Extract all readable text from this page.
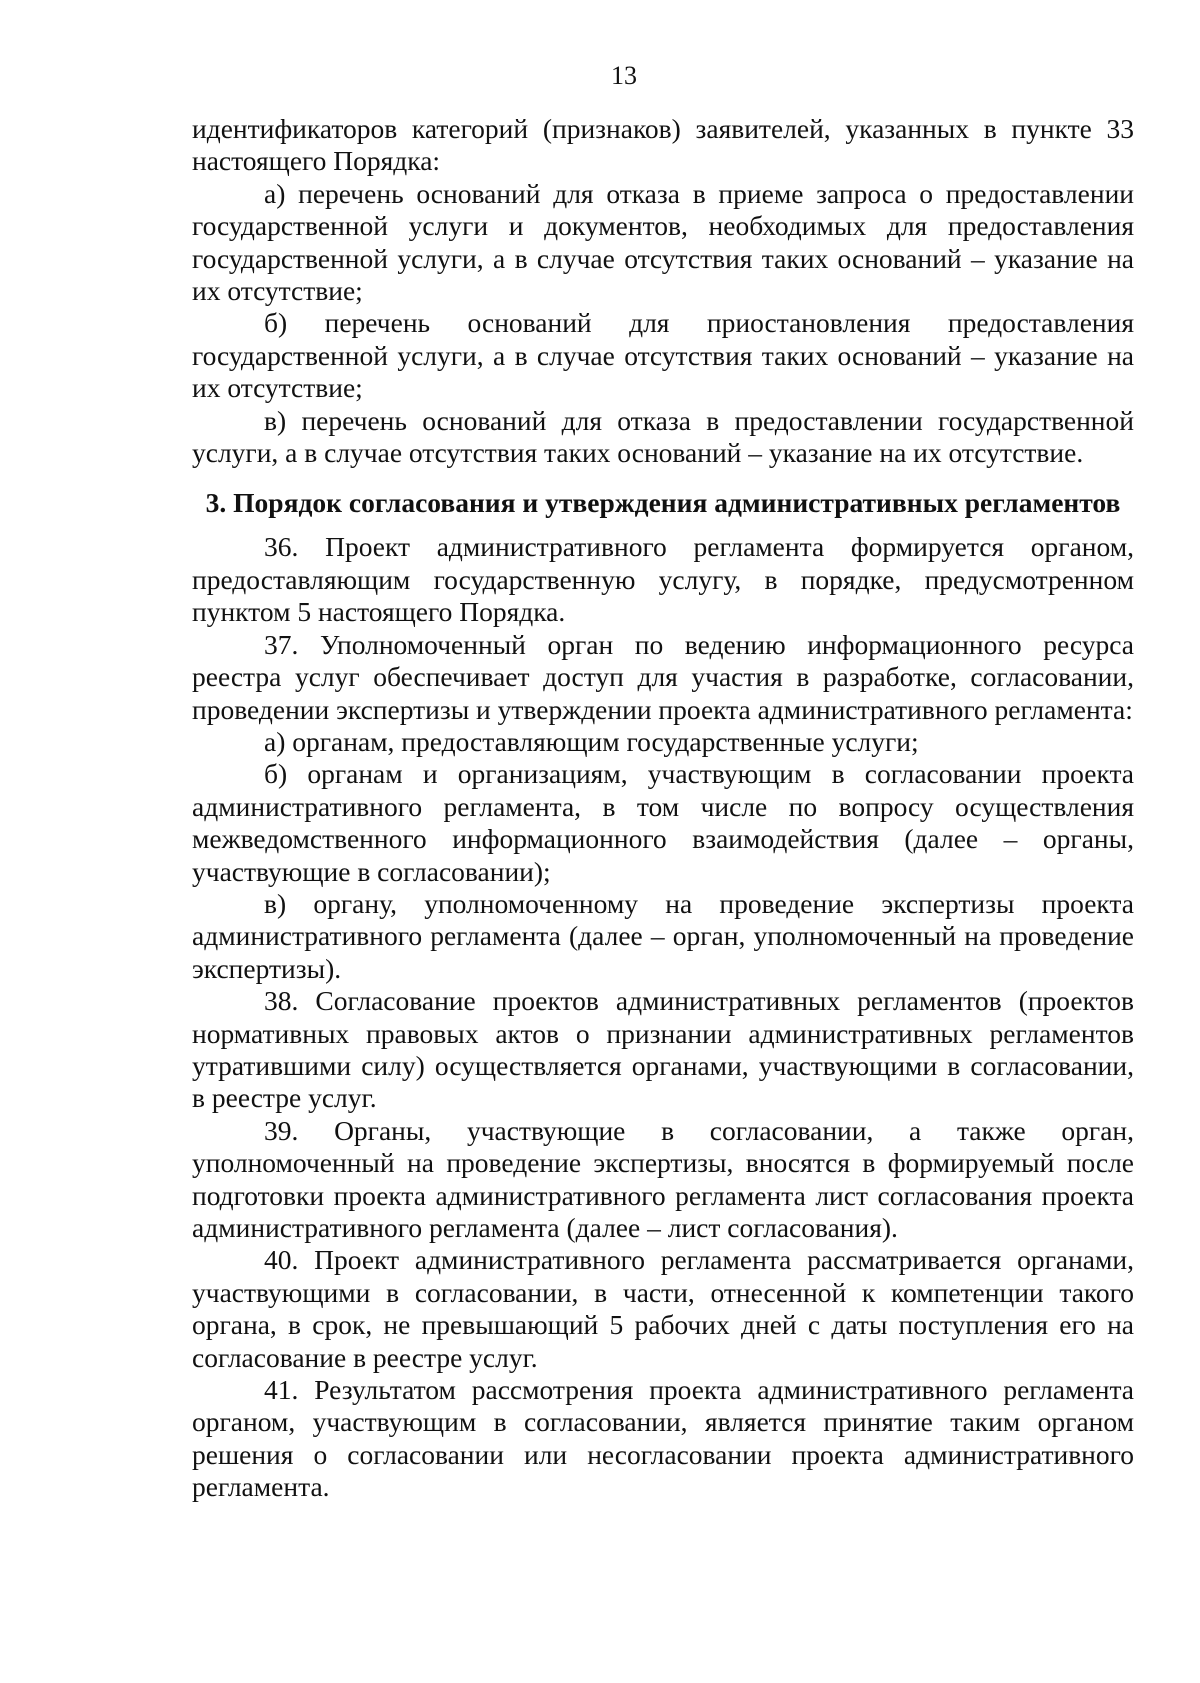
13

идентификаторов категорий (признаков) заявителей, указанных в пункте 33 настоящего Порядка:

а) перечень оснований для отказа в приеме запроса о предоставлении государственной услуги и документов, необходимых для предоставления государственной услуги, а в случае отсутствия таких оснований – указание на их отсутствие;

б) перечень оснований для приостановления предоставления государственной услуги, а в случае отсутствия таких оснований – указание на их отсутствие;

в) перечень оснований для отказа в предоставлении государственной услуги, а в случае отсутствия таких оснований – указание на их отсутствие.

3. Порядок согласования и утверждения административных регламентов

36. Проект административного регламента формируется органом, предоставляющим государственную услугу, в порядке, предусмотренном пунктом 5 настоящего Порядка.

37. Уполномоченный орган по ведению информационного ресурса реестра услуг обеспечивает доступ для участия в разработке, согласовании, проведении экспертизы и утверждении проекта административного регламента:

а) органам, предоставляющим государственные услуги;

б) органам и организациям, участвующим в согласовании проекта административного регламента, в том числе по вопросу осуществления межведомственного информационного взаимодействия (далее – органы, участвующие в согласовании);

в) органу, уполномоченному на проведение экспертизы проекта административного регламента (далее – орган, уполномоченный на проведение экспертизы).

38. Согласование проектов административных регламентов (проектов нормативных правовых актов о признании административных регламентов утратившими силу) осуществляется органами, участвующими в согласовании, в реестре услуг.

39. Органы, участвующие в согласовании, а также орган, уполномоченный на проведение экспертизы, вносятся в формируемый после подготовки проекта административного регламента лист согласования проекта административного регламента (далее – лист согласования).

40. Проект административного регламента рассматривается органами, участвующими в согласовании, в части, отнесенной к компетенции такого органа, в срок, не превышающий 5 рабочих дней с даты поступления его на согласование в реестре услуг.

41. Результатом рассмотрения проекта административного регламента органом, участвующим в согласовании, является принятие таким органом решения о согласовании или несогласовании проекта административного регламента.
